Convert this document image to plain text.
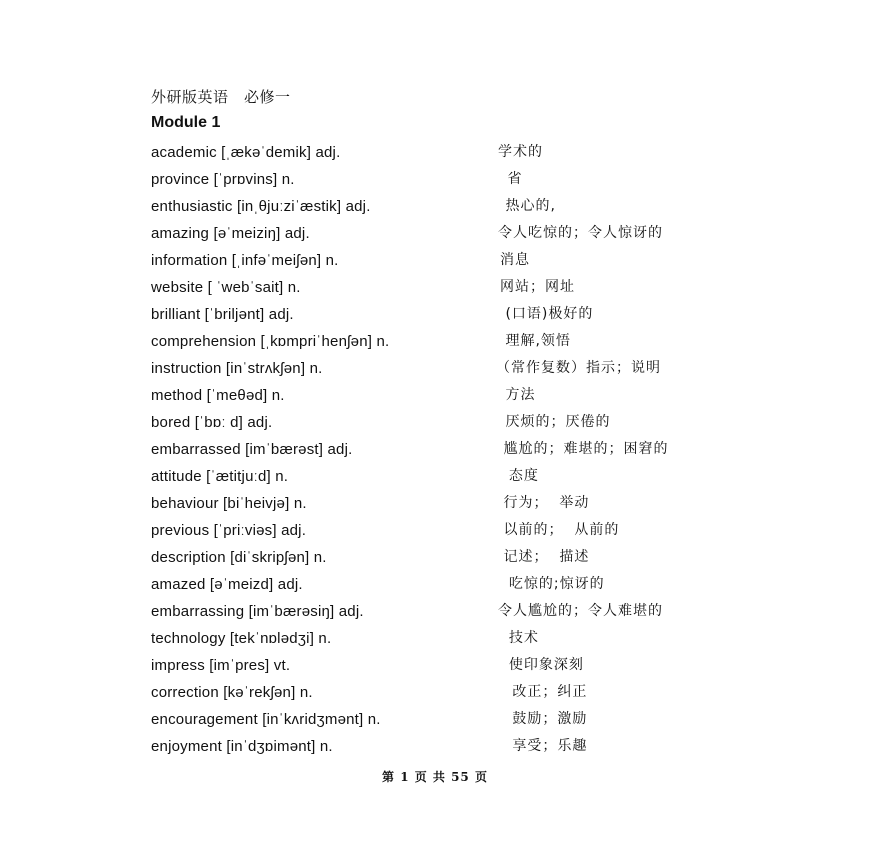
外研版英语　必修一
Module 1
academic [ˌækəˈdemik] adj.	学术的
province [ˈprɒvins] n.	省
enthusiastic [inˌθjuːziˈæstik] adj.	热心的,
amazing [əˈmeiziŋ] adj.	令人吃惊的；令人惊讶的
information [ˌinfəˈmeiʃən] n.	消息
website [ ˈwebˈsait] n.	网站；网址
brilliant [ˈbriljənt] adj.	(口语)极好的
comprehension [ˌkɒmpriˈhenʃən] n.	理解,领悟
instruction [inˈstrʌkʃən] n.	（常作复数）指示；说明
method [ˈmeθəd] n.	方法
bored [ˈbɒː d] adj.	厌烦的；厌倦的
embarrassed [imˈbærəst] adj.	尴尬的；难堪的；困窘的
attitude [ˈætitjuːd] n.	态度
behaviour [biˈheivjə] n.	行为；  举动
previous [ˈpriːviəs] adj.	以前的；  从前的
description [diˈskripʃən] n.	记述；  描述
amazed [əˈmeizd] adj.	吃惊的;惊讶的
embarrassing [imˈbærəsiŋ] adj.	令人尴尬的；令人难堪的
technology [tekˈnɒlədʒi] n.	技术
impress [imˈpres] vt.	使印象深刻
correction [kəˈrekʃən] n.	改正；纠正
encouragement [inˈkʌridʒmənt] n.	鼓励；激励
enjoyment [inˈdʒɒimənt] n.	享受；乐趣
第 1 页 共 55 页
